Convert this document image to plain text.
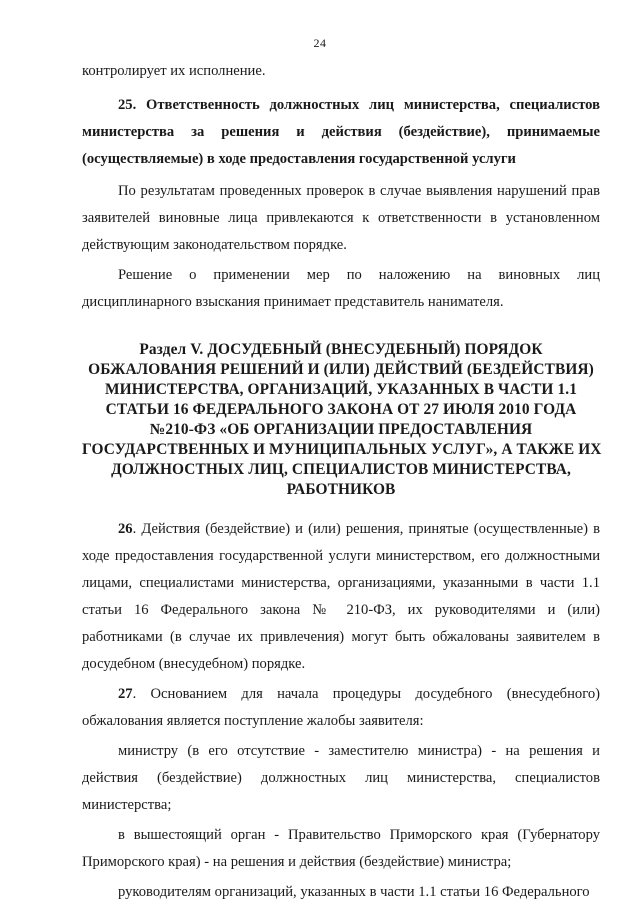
24

контролирует их исполнение.

25. Ответственность должностных лиц министерства, специалистов министерства за решения и действия (бездействие), принимаемые (осуществляемые) в ходе предоставления государственной услуги

По результатам проведенных проверок в случае выявления нарушений прав заявителей виновные лица привлекаются к ответственности в установленном действующим законодательством порядке.

Решение о применении мер по наложению на виновных лиц дисциплинарного взыскания принимает представитель нанимателя.

Раздел V. ДОСУДЕБНЫЙ (ВНЕСУДЕБНЫЙ) ПОРЯДОК
ОБЖАЛОВАНИЯ РЕШЕНИЙ И (ИЛИ) ДЕЙСТВИЙ (БЕЗДЕЙСТВИЯ)
МИНИСТЕРСТВА, ОРГАНИЗАЦИЙ, УКАЗАННЫХ В ЧАСТИ 1.1
СТАТЬИ 16 ФЕДЕРАЛЬНОГО ЗАКОНА ОТ 27 ИЮЛЯ 2010 ГОДА
№210-ФЗ «ОБ ОРГАНИЗАЦИИ ПРЕДОСТАВЛЕНИЯ
ГОСУДАРСТВЕННЫХ И МУНИЦИПАЛЬНЫХ УСЛУГ», А ТАКЖЕ ИХ
ДОЛЖНОСТНЫХ ЛИЦ, СПЕЦИАЛИСТОВ МИНИСТЕРСТВА,
РАБОТНИКОВ

26. Действия (бездействие) и (или) решения, принятые (осуществленные) в ходе предоставления государственной услуги министерством, его должностными лицами, специалистами министерства, организациями, указанными в части 1.1 статьи 16 Федерального закона № 210-ФЗ, их руководителями и (или) работниками (в случае их привлечения) могут быть обжалованы заявителем в досудебном (внесудебном) порядке.

27. Основанием для начала процедуры досудебного (внесудебного) обжалования является поступление жалобы заявителя:

министру (в его отсутствие - заместителю министра) - на решения и действия (бездействие) должностных лиц министерства, специалистов министерства;

в вышестоящий орган - Правительство Приморского края (Губернатору Приморского края) - на решения и действия (бездействие) министра;

руководителям организаций, указанных в части 1.1 статьи 16 Федерального
